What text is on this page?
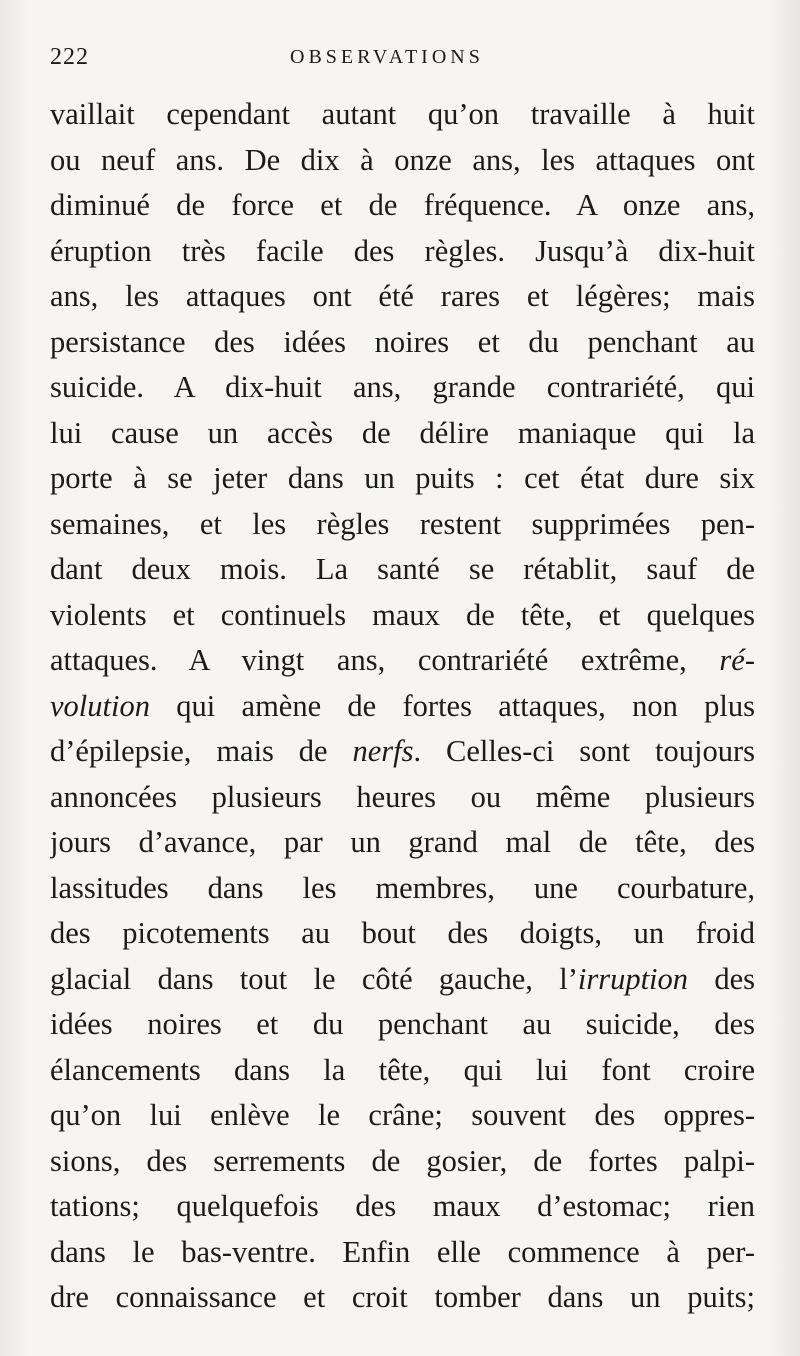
222	OBSERVATIONS
vaillait cependant autant qu’on travaille à huit
ou neuf ans. De dix à onze ans, les attaques ont
diminué de force et de fréquence. A onze ans,
éruption très facile des règles. Jusqu’à dix-huit
ans, les attaques ont été rares et légères; mais
persistance des idées noires et du penchant au
suicide. A dix-huit ans, grande contrariété, qui
lui cause un accès de délire maniaque qui la
porte à se jeter dans un puits : cet état dure six
semaines, et les règles restent supprimées pen-
dant deux mois. La santé se rétablit, sauf de
violents et continuels maux de tête, et quelques
attaques. A vingt ans, contrariété extrême, ré-
volution qui amène de fortes attaques, non plus
d’épilepsie, mais de nerfs. Celles-ci sont toujours
annoncées plusieurs heures ou même plusieurs
jours d’avance, par un grand mal de tête, des
lassitudes dans les membres, une courbature,
des picotements au bout des doigts, un froid
glacial dans tout le côté gauche, l’irruption des
idées noires et du penchant au suicide, des
élancements dans la tête, qui lui font croire
qu’on lui enlève le crâne; souvent des oppres-
sions, des serrements de gosier, de fortes palpi-
tations; quelquefois des maux d’estomac; rien
dans le bas-ventre. Enfin elle commence à per-
dre connaissance et croit tomber dans un puits;
